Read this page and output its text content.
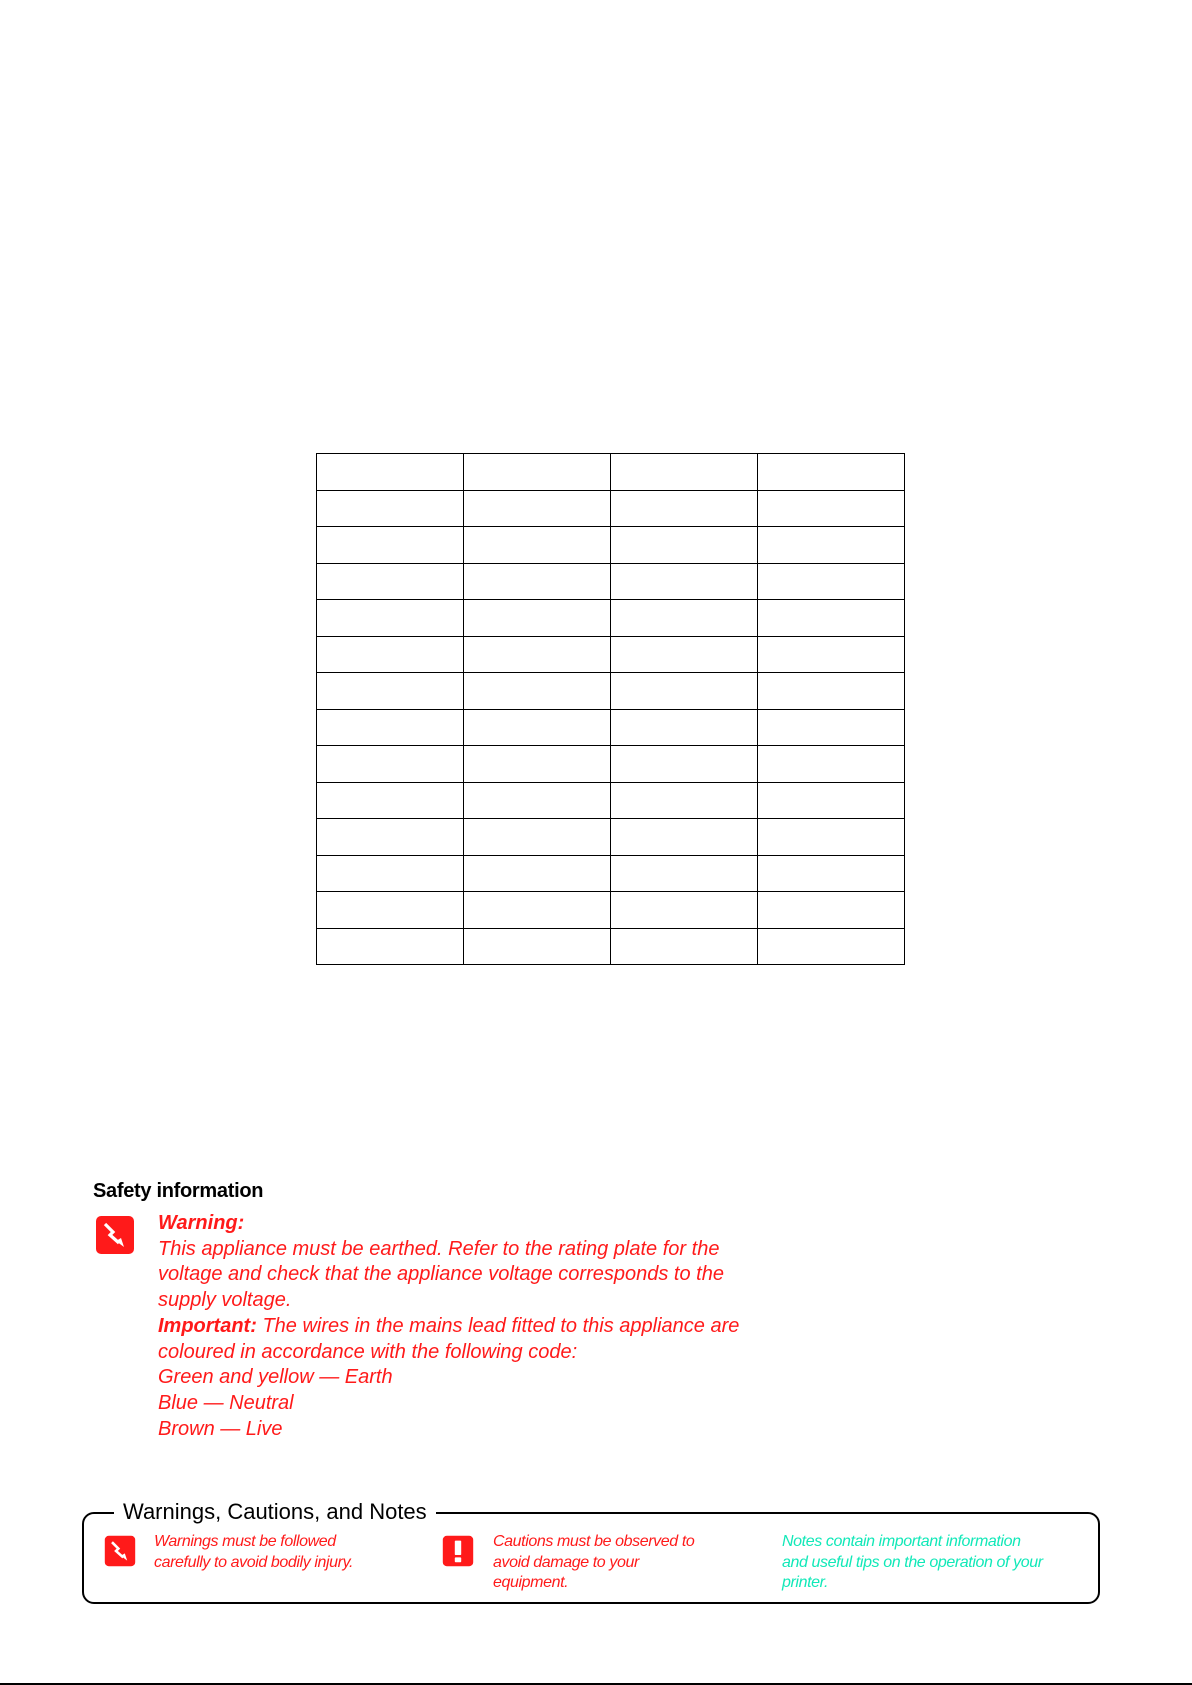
Safety information
Warning:
This appliance must be earthed. Refer to the rating plate for the
voltage and check that the appliance voltage corresponds to the
supply voltage.
Important: The wires in the mains lead fitted to this appliance are
coloured in accordance with the following code:
Green and yellow — Earth
Blue — Neutral
Brown — Live
Warnings, Cautions, and Notes
Warnings must be followed
carefully to avoid bodily injury.
Cautions must be observed to
avoid damage to your
equipment.
Notes contain important information
and useful tips on the operation of your
printer.
